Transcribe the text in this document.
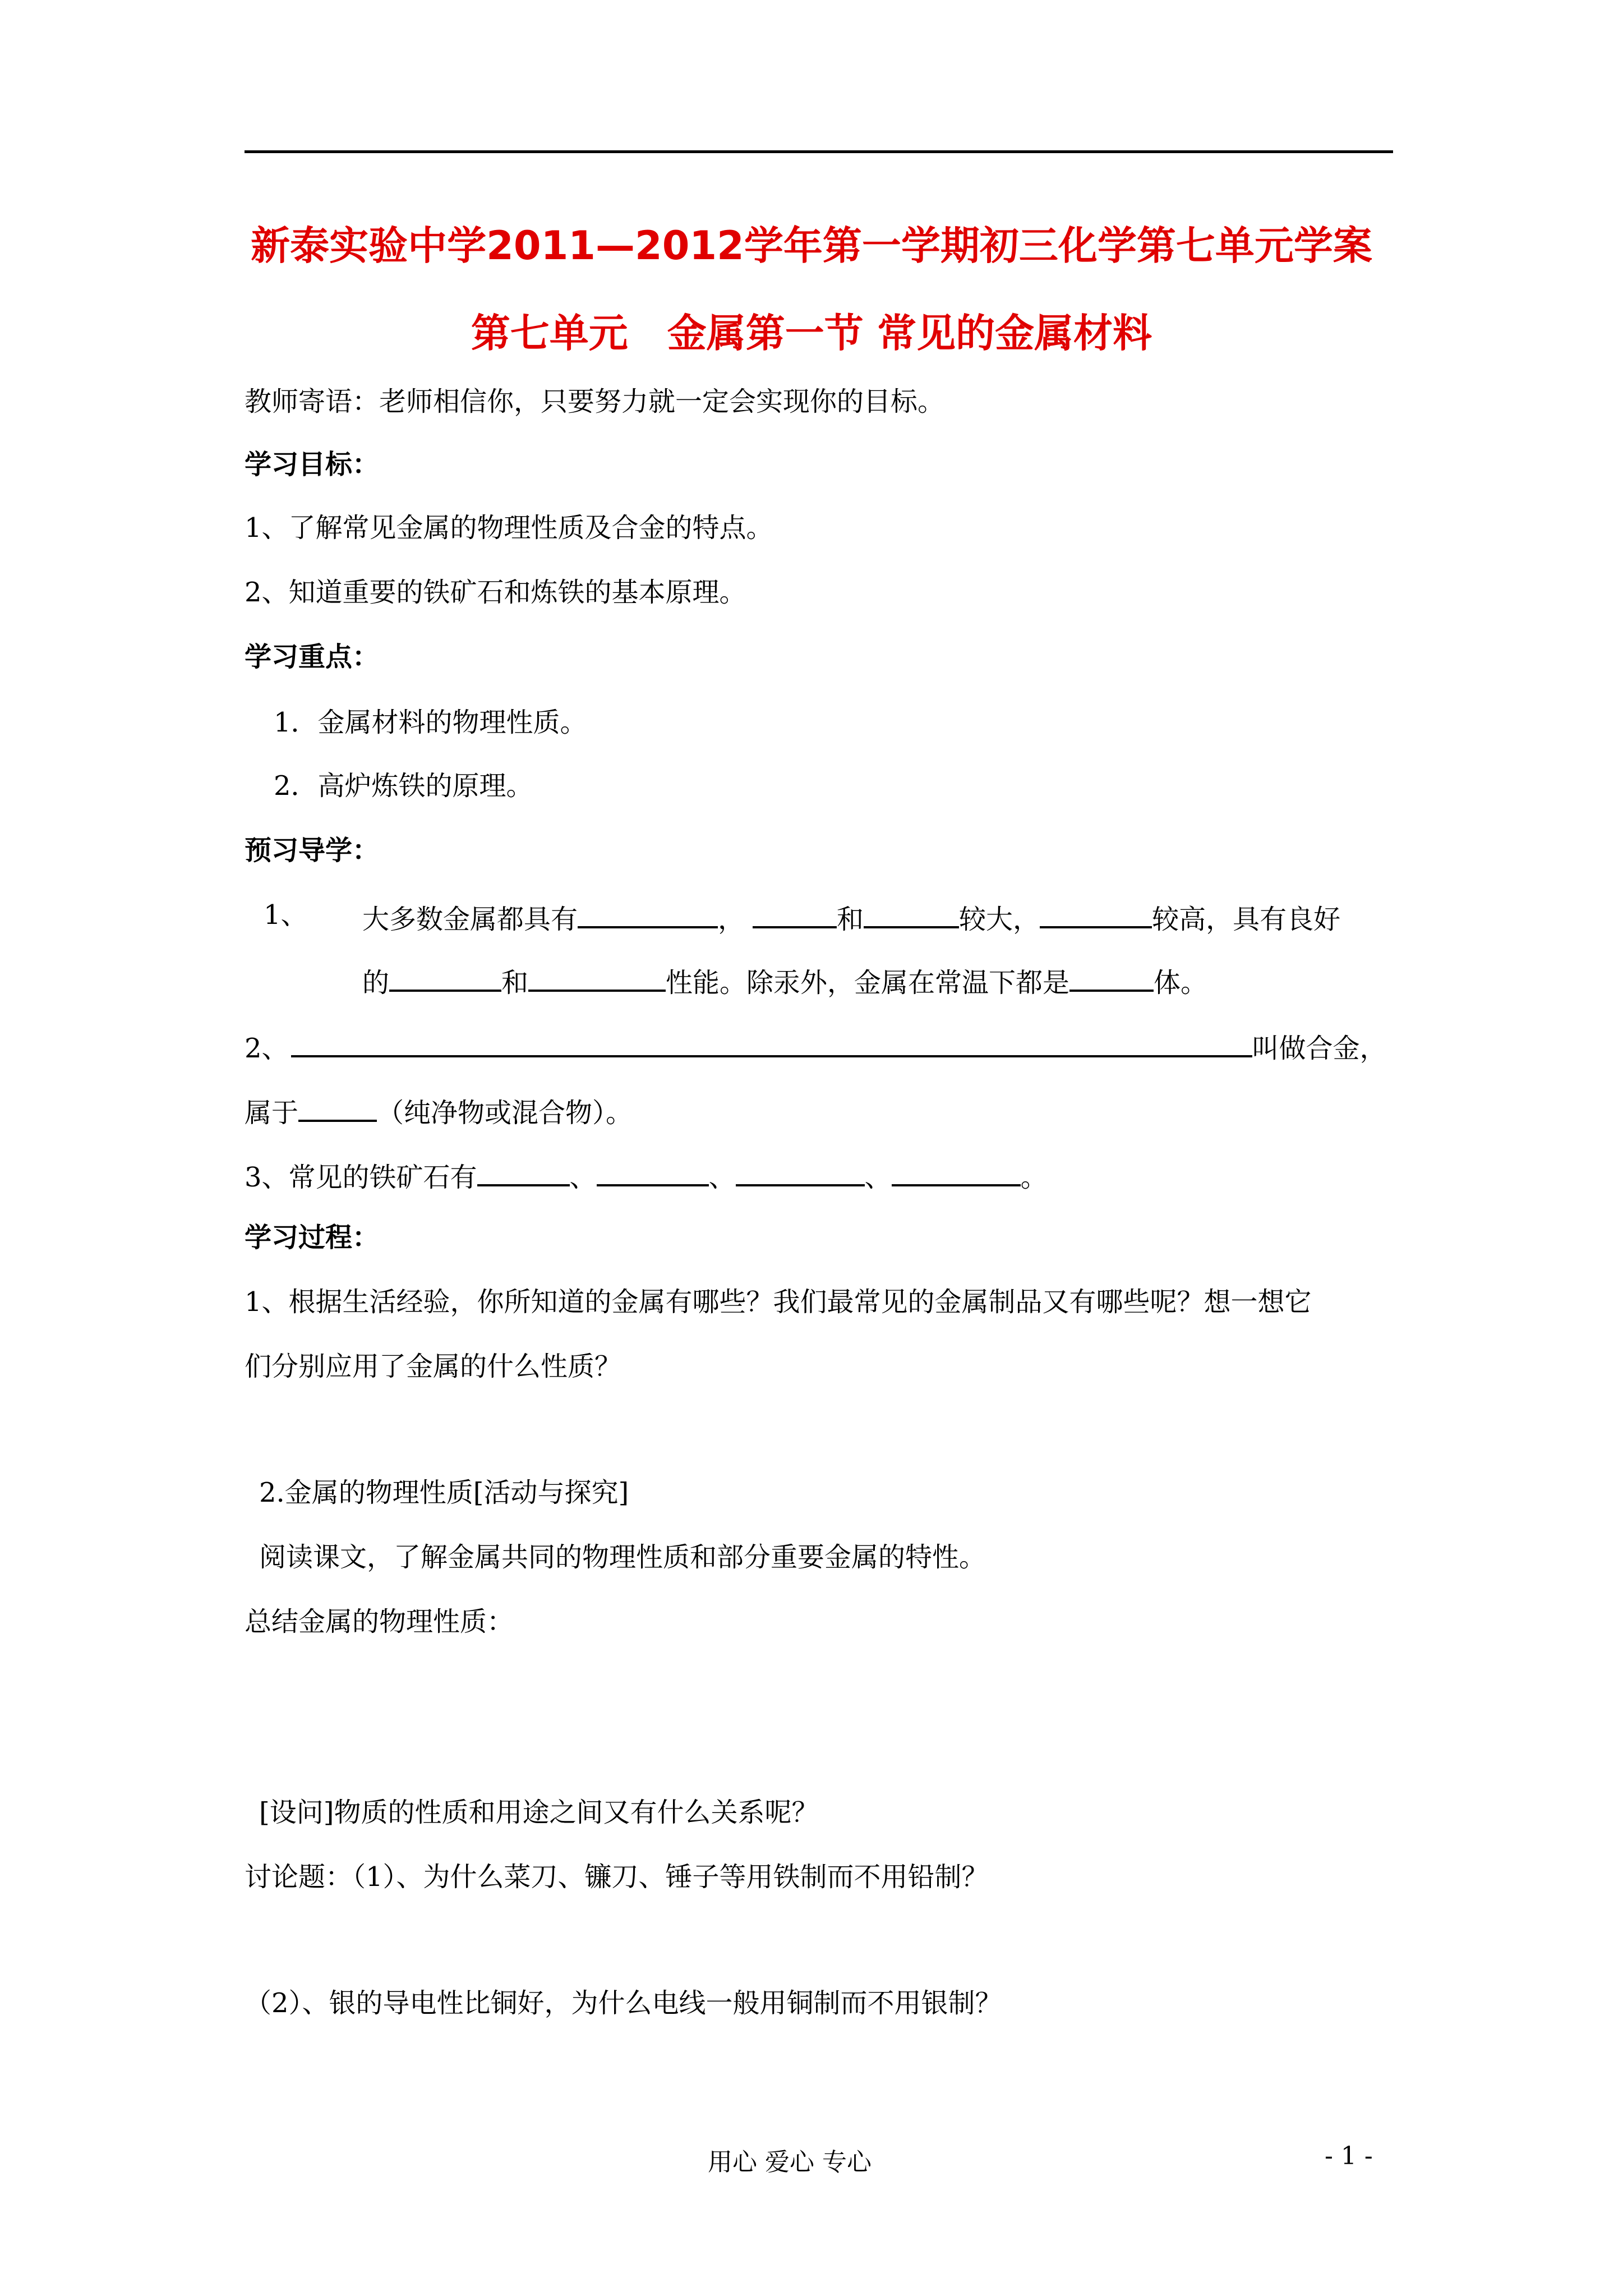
新泰实验中学2011—2012学年第一学期初三化学第七单元学案
第七单元　金属第一节 常见的金属材料
教师寄语：老师相信你，只要努力就一定会实现你的目标。
学习目标：
1、了解常见金属的物理性质及合金的特点。
2、知道重要的铁矿石和炼铁的基本原理。
学习重点：
1．金属材料的物理性质。
2．高炉炼铁的原理。
预习导学：
1、 大多数金属都具有	，	和	较大，	较高，具有良好
的	和	性能。除汞外，金属在常温下都是	体。
2、	叫做合金，
属于	（纯净物或混合物）。
3、常见的铁矿石有	、	、	、	。
学习过程：
1、根据生活经验，你所知道的金属有哪些？我们最常见的金属制品又有哪些呢？想一想它
们分别应用了金属的什么性质？
2.金属的物理性质[活动与探究]
阅读课文，了解金属共同的物理性质和部分重要金属的特性。
总结金属的物理性质：
[设问]物质的性质和用途之间又有什么关系呢？
讨论题：（1）、为什么菜刀、镰刀、锤子等用铁制而不用铅制？
（2）、银的导电性比铜好，为什么电线一般用铜制而不用银制？
用心 爱心 专心	- 1 -
